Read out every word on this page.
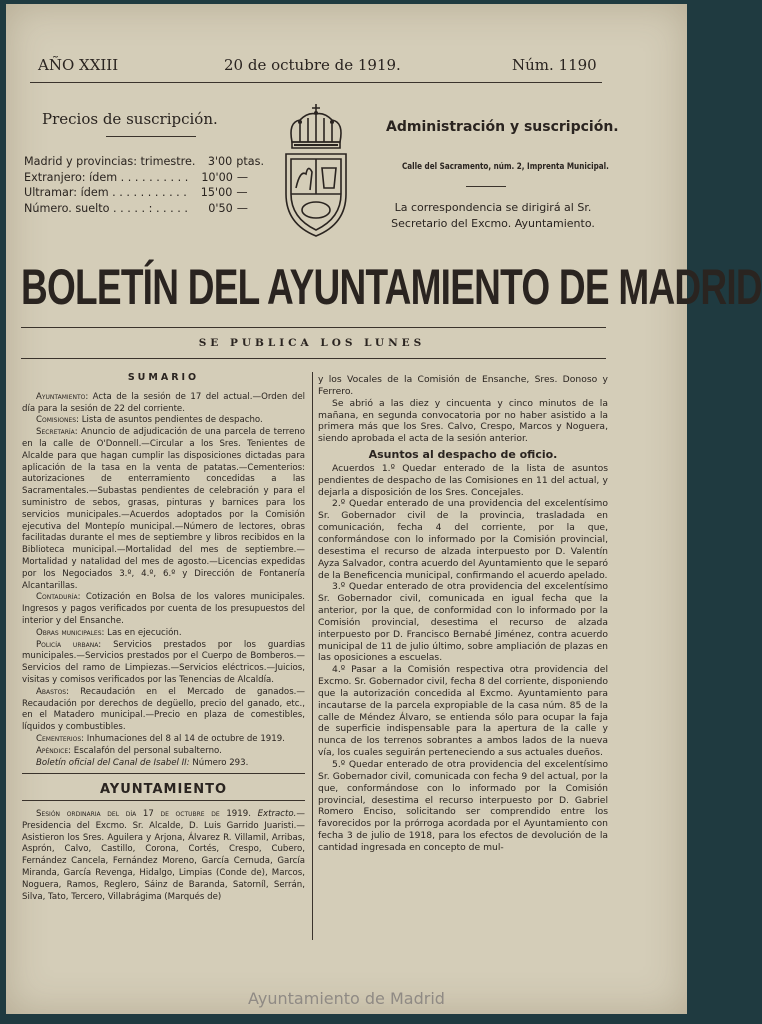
AÑO XXIII	20 de octubre de 1919.	Núm. 1190
Precios de suscripción.
Madrid y provincias: trimestre.	3'00 ptas.
Extranjero: ídem . . . . . . . . . .	10'00 —
Ultramar: ídem . . . . . . . . . . .	15'00 —
Número. suelto . . . . . : . . . . .	0'50 —
Administración y suscripción.
Calle del Sacramento, núm. 2, Imprenta Municipal.
La correspondencia se dirigirá al Sr. Secretario del Excmo. Ayuntamiento.
BOLETÍN DEL AYUNTAMIENTO DE MADRID
SE PUBLICA LOS LUNES
SUMARIO

Ayuntamiento: Acta de la sesión de 17 del actual.—Orden del día para la sesión de 22 del corriente.

Comisiones: Lista de asuntos pendientes de despacho.

Secretaría: Anuncio de adjudicación de una parcela de terreno en la calle de O'Donnell.—Circular a los Sres. Tenientes de Alcalde para que hagan cumplir las disposiciones dictadas para aplicación de la tasa en la venta de patatas.—Cementerios: autorizaciones de enterramiento concedidas a las Sacramentales.—Subastas pendientes de celebración y para el suministro de sebos, grasas, pinturas y barnices para los servicios municipales.—Acuerdos adoptados por la Comisión ejecutiva del Montepío municipal.—Número de lectores, obras facilitadas durante el mes de septiembre y libros recibidos en la Biblioteca municipal.—Mortalidad del mes de septiembre.—Mortalidad y natalidad del mes de agosto.—Licencias expedidas por los Negociados 3.º, 4.º, 6.º y Dirección de Fontanería Alcantarillas.

Contaduría: Cotización en Bolsa de los valores municipales. Ingresos y pagos verificados por cuenta de los presupuestos del interior y del Ensanche.

Obras municipales: Las en ejecución.

Policía urbana: Servicios prestados por los guardias municipales.—Servicios prestados por el Cuerpo de Bomberos.—Servicios del ramo de Limpiezas.—Servicios eléctricos.—Juicios, visitas y comisos verificados por las Tenencias de Alcaldía.

Abastos: Recaudación en el Mercado de ganados.—Recaudación por derechos de degüello, precio del ganado, etc., en el Matadero municipal.—Precio en plaza de comestibles, líquidos y combustibles.

Cementerios: Inhumaciones del 8 al 14 de octubre de 1919.

Apéndice: Escalafón del personal subalterno.

Boletín oficial del Canal de Isabel II: Número 293.

AYUNTAMIENTO

Sesión ordinaria del día 17 de octubre de 1919. Extracto.—Presidencia del Excmo. Sr. Alcalde, D. Luis Garrido Juaristi.—Asistieron los Sres. Aguilera y Arjona, Álvarez R. Villamil, Arribas, Asprón, Calvo, Castillo, Corona, Cortés, Crespo, Cubero, Fernández Cancela, Fernández Moreno, García Cernuda, García Miranda, García Revenga, Hidalgo, Limpias (Conde de), Marcos, Noguera, Ramos, Reglero, Sáinz de Baranda, Satorníl, Serrán, Silva, Tato, Tercero, Villabrágima (Marqués de)

y los Vocales de la Comisión de Ensanche, Sres. Donoso y Ferrero.

Se abrió a las diez y cincuenta y cinco minutos de la mañana, en segunda convocatoria por no haber asistido a la primera más que los Sres. Calvo, Crespo, Marcos y Noguera, siendo aprobada el acta de la sesión anterior.

Asuntos al despacho de oficio.

Acuerdos 1.º Quedar enterado de la lista de asuntos pendientes de despacho de las Comisiones en 11 del actual, y dejarla a disposición de los Sres. Concejales.

2.º Quedar enterado de una providencia del excelentísimo Sr. Gobernador civil de la provincia, trasladada en comunicación, fecha 4 del corriente, por la que, conformándose con lo informado por la Comisión provincial, desestima el recurso de alzada interpuesto por D. Valentín Ayza Salvador, contra acuerdo del Ayuntamiento que le separó de la Beneficencia municipal, confirmando el acuerdo apelado.

3.º Quedar enterado de otra providencia del excelentísimo Sr. Gobernador civil, comunicada en igual fecha que la anterior, por la que, de conformidad con lo informado por la Comisión provincial, desestima el recurso de alzada interpuesto por D. Francisco Bernabé Jiménez, contra acuerdo municipal de 11 de julio último, sobre ampliación de plazas en las oposiciones a escuelas.

4.º Pasar a la Comisión respectiva otra providencia del Excmo. Sr. Gobernador civil, fecha 8 del corriente, disponiendo que la autorización concedida al Excmo. Ayuntamiento para incautarse de la parcela expropiable de la casa núm. 85 de la calle de Méndez Álvaro, se entienda sólo para ocupar la faja de superficie indispensable para la apertura de la calle y nunca de los terrenos sobrantes a ambos lados de la nueva vía, los cuales seguirán perteneciendo a sus actuales dueños.

5.º Quedar enterado de otra providencia del excelentísimo Sr. Gobernador civil, comunicada con fecha 9 del actual, por la que, conformándose con lo informado por la Comisión provincial, desestima el recurso interpuesto por D. Gabriel Romero Enciso, solicitando ser comprendido entre los favorecidos por la prórroga acordada por el Ayuntamiento con fecha 3 de julio de 1918, para los efectos de devolución de la cantidad ingresada en concepto de mul-

Ayuntamiento de Madrid
